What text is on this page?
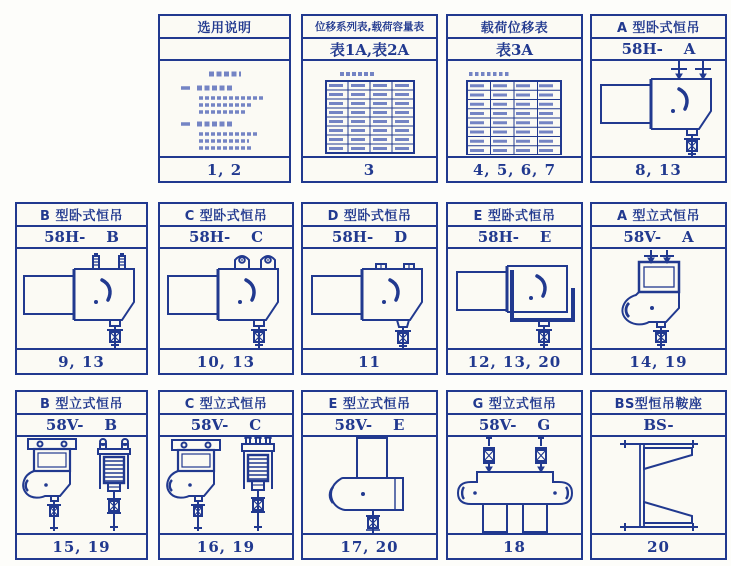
选用说明
1, 2
位移系列表,载荷容量表
表1A,表2A
3
载荷位移表
表3A
4, 5, 6, 7
A 型卧式恒吊
58H-    A
8, 13
B 型卧式恒吊
58H-    B
9, 13
C 型卧式恒吊
58H-    C
10, 13
D 型卧式恒吊
58H-    D
11
E 型卧式恒吊
58H-    E
12, 13, 20
A 型立式恒吊
58V-    A
14, 19
B 型立式恒吊
58V-    B
15, 19
C 型立式恒吊
58V-    C
16, 19
E 型立式恒吊
58V-    E
17, 20
G 型立式恒吊
58V-    G
18
BS型恒吊鞍座
BS-
20
